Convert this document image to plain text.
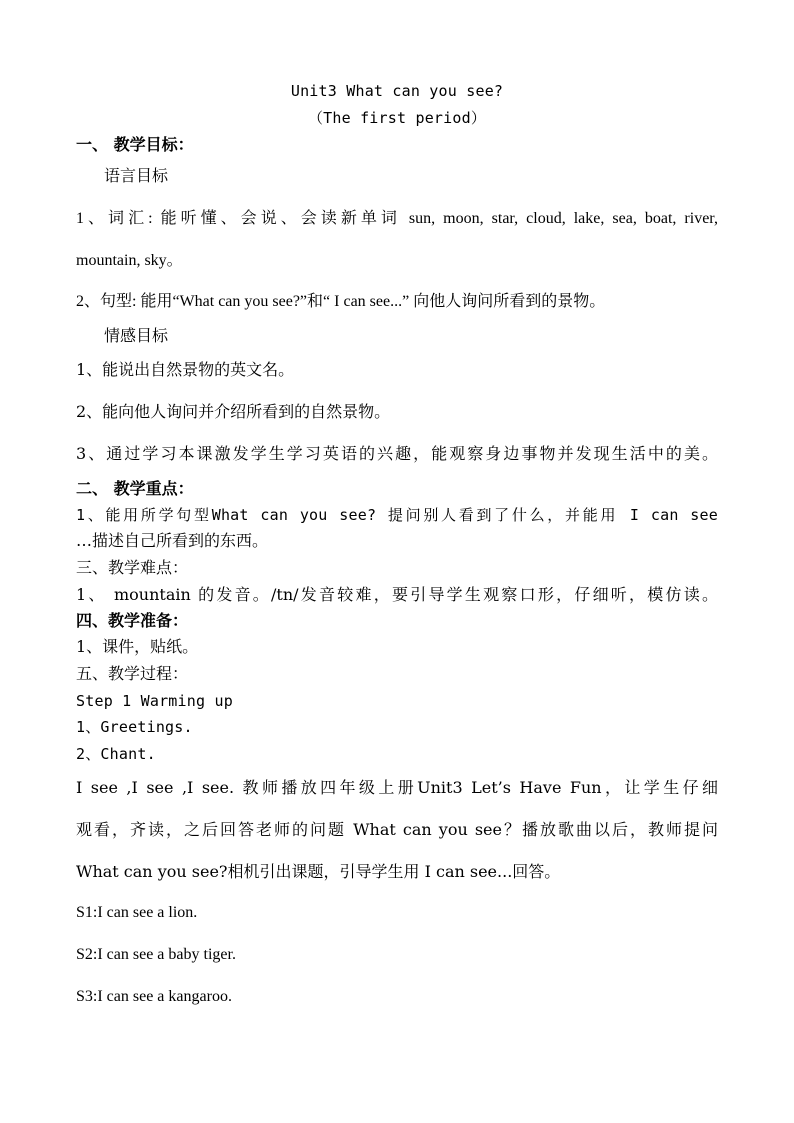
Unit3 What can you see?
（The first period）
一、 教学目标：
语言目标
1、词汇: 能听懂、会说、会读新单词 sun, moon, star, cloud, lake, sea, boat, river,
mountain, sky。
2、句型: 能用“What can you see?”和“ I can see...” 向他人询问所看到的景物。
情感目标
1、能说出自然景物的英文名。
2、能向他人询问并介绍所看到的自然景物。
3、通过学习本课激发学生学习英语的兴趣，能观察身边事物并发现生活中的美。
二、 教学重点：
1、能用所学句型What can you see? 提问别人看到了什么，并能用 I can see
…描述自己所看到的东西。
三、教学难点：
1、 mountain 的发音。/tn/发音较难，要引导学生观察口形，仔细听，模仿读。
四、教学准备：
1、课件，贴纸。
五、教学过程：
Step 1 Warming up
1、Greetings.
2、Chant.
I see ,I see ,I see. 教师播放四年级上册Unit3 Let’s Have Fun，让学生仔细
观看，齐读，之后回答老师的问题 What can you see？播放歌曲以后，教师提问
What can you see?相机引出课题，引导学生用 I can see...回答。
S1:I can see a lion.
S2:I can see a baby tiger.
S3:I can see a kangaroo.
